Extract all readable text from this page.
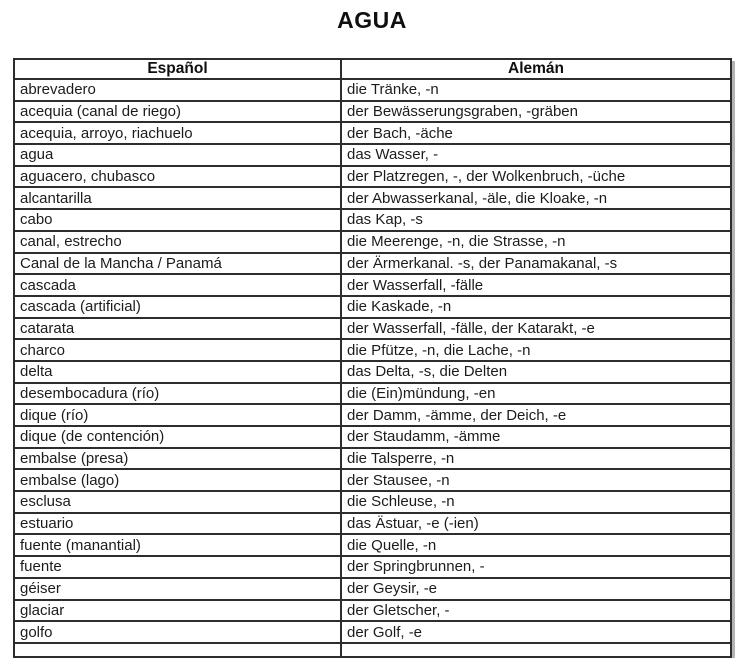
AGUA
Español	Alemán
abrevadero	die Tränke, -n
acequia (canal de riego)	der Bewässerungsgraben, -gräben
acequia, arroyo, riachuelo	der Bach, -äche
agua	das Wasser, -
aguacero, chubasco	der Platzregen, -, der Wolkenbruch, -üche
alcantarilla	der Abwasserkanal, -äle, die Kloake, -n
cabo	das Kap, -s
canal, estrecho	die Meerenge, -n, die Strasse, -n
Canal de la Mancha / Panamá	der Ärmerkanal. -s, der Panamakanal, -s
cascada	der Wasserfall, -fälle
cascada (artificial)	die Kaskade, -n
catarata	der Wasserfall, -fälle, der Katarakt, -e
charco	die Pfütze, -n, die Lache, -n
delta	das Delta, -s, die Delten
desembocadura (río)	die (Ein)mündung, -en
dique (río)	der Damm, -ämme, der Deich, -e
dique (de contención)	der Staudamm, -ämme
embalse (presa)	die Talsperre, -n
embalse (lago)	der Stausee, -n
esclusa	die Schleuse, -n
estuario	das Ästuar, -e (-ien)
fuente (manantial)	die Quelle, -n
fuente	der Springbrunnen, -
géiser	der Geysir, -e
glaciar	der Gletscher, -
golfo	der Golf, -e
